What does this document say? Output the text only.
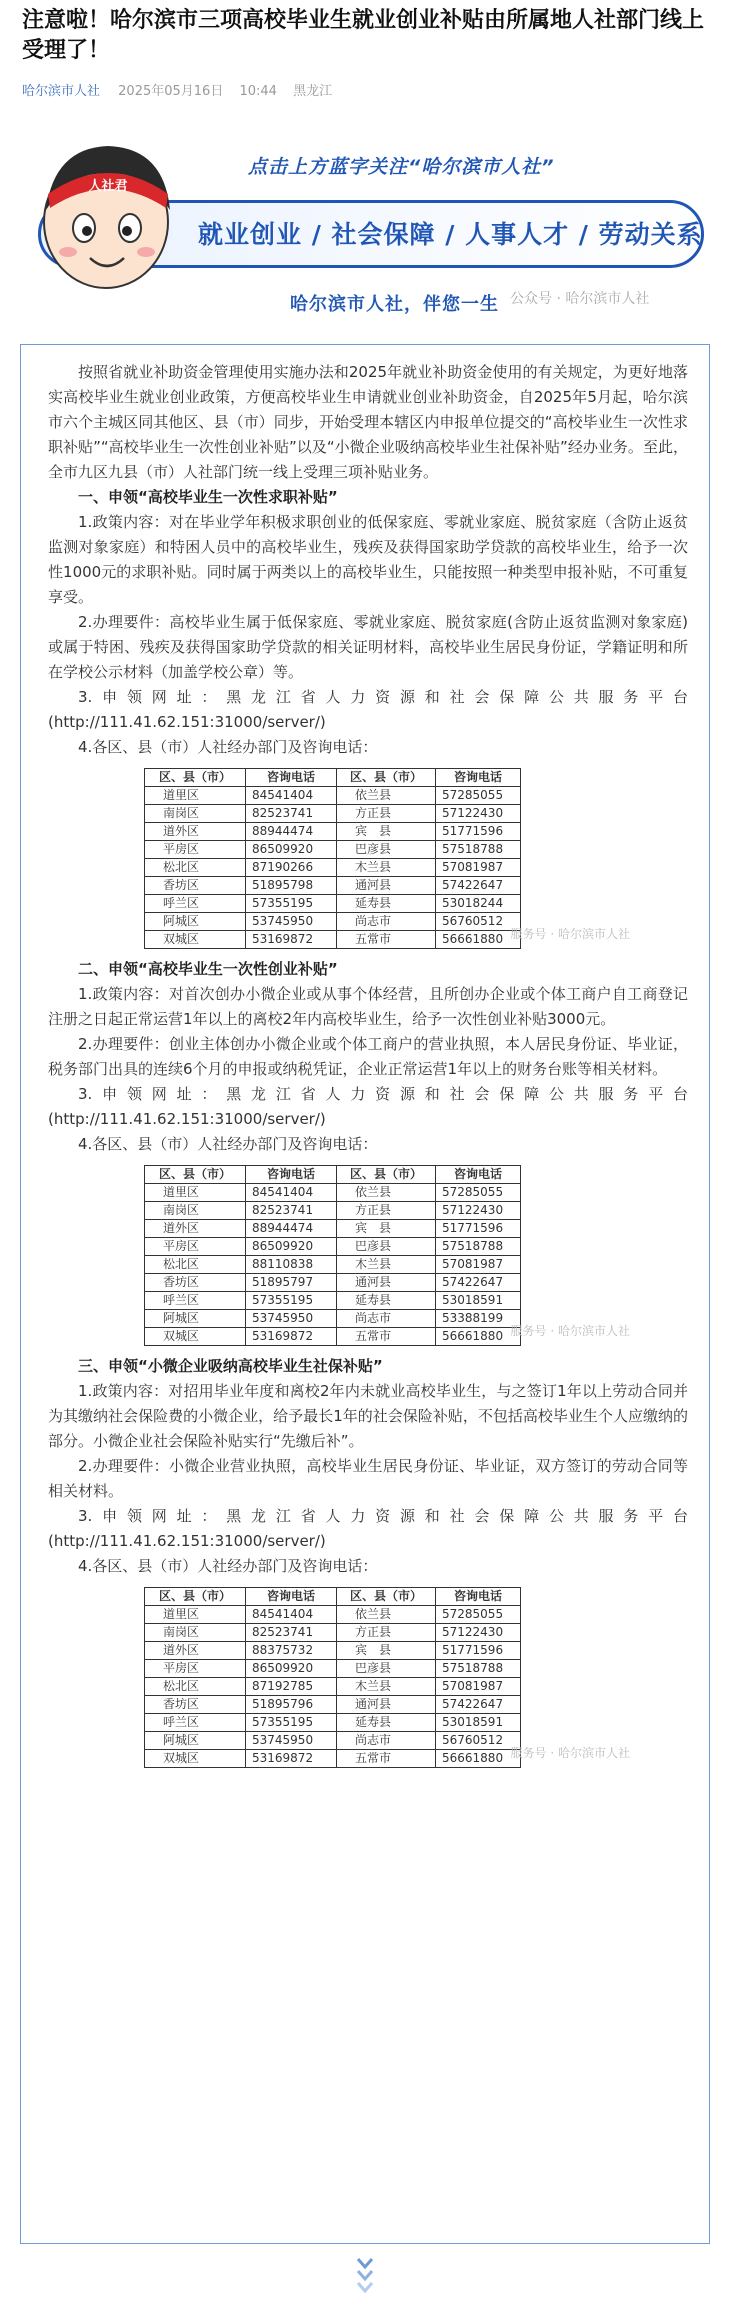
注意啦！哈尔滨市三项高校毕业生就业创业补贴由所属地人社部门线上受理了！
哈尔滨市人社 2025年05月16日 10:44 黑龙江
人社君
点击上方蓝字关注“哈尔滨市人社”
就业创业 / 社会保障 / 人事人才 / 劳动关系
哈尔滨市人社，伴您一生 公众号 · 哈尔滨市人社

按照省就业补助资金管理使用实施办法和2025年就业补助资金使用的有关规定，为更好地落实高校毕业生就业创业政策，方便高校毕业生申请就业创业补助资金，自2025年5月起，哈尔滨市六个主城区同其他区、县（市）同步，开始受理本辖区内申报单位提交的“高校毕业生一次性求职补贴”“高校毕业生一次性创业补贴”以及“小微企业吸纳高校毕业生社保补贴”经办业务。至此，全市九区九县（市）人社部门统一线上受理三项补贴业务。

一、申领“高校毕业生一次性求职补贴”

1.政策内容：对在毕业学年积极求职创业的低保家庭、零就业家庭、脱贫家庭（含防止返贫监测对象家庭）和特困人员中的高校毕业生，残疾及获得国家助学贷款的高校毕业生，给予一次性1000元的求职补贴。同时属于两类以上的高校毕业生，只能按照一种类型申报补贴，不可重复享受。

2.办理要件：高校毕业生属于低保家庭、零就业家庭、脱贫家庭(含防止返贫监测对象家庭)或属于特困、残疾及获得国家助学贷款的相关证明材料，高校毕业生居民身份证，学籍证明和所在学校公示材料（加盖学校公章）等。

3.申领网址：黑龙江省人力资源和社会保障公共服务平台(http://111.41.62.151:31000/server/)

4.各区、县（市）人社经办部门及咨询电话：

区、县（市）	咨询电话	区、县（市）	咨询电话
道里区	84541404	依兰县	57285055
南岗区	82523741	方正县	57122430
道外区	88944474	宾　县	51771596
平房区	86509920	巴彦县	57518788
松北区	87190266	木兰县	57081987
香坊区	51895798	通河县	57422647
呼兰区	57355195	延寿县	53018244
阿城区	53745950	尚志市	56760512
双城区	53169872	五常市	56661880 服务号 · 哈尔滨市人社

二、申领“高校毕业生一次性创业补贴”

1.政策内容：对首次创办小微企业或从事个体经营，且所创办企业或个体工商户自工商登记注册之日起正常运营1年以上的离校2年内高校毕业生，给予一次性创业补贴3000元。

2.办理要件：创业主体创办小微企业或个体工商户的营业执照，本人居民身份证、毕业证，税务部门出具的连续6个月的申报或纳税凭证，企业正常运营1年以上的财务台账等相关材料。

3.申领网址：黑龙江省人力资源和社会保障公共服务平台(http://111.41.62.151:31000/server/)

4.各区、县（市）人社经办部门及咨询电话：

区、县（市）	咨询电话	区、县（市）	咨询电话
道里区	84541404	依兰县	57285055
南岗区	82523741	方正县	57122430
道外区	88944474	宾　县	51771596
平房区	86509920	巴彦县	57518788
松北区	88110838	木兰县	57081987
香坊区	51895797	通河县	57422647
呼兰区	57355195	延寿县	53018591
阿城区	53745950	尚志市	53388199
双城区	53169872	五常市	56661880 服务号 · 哈尔滨市人社

三、申领“小微企业吸纳高校毕业生社保补贴”

1.政策内容：对招用毕业年度和离校2年内未就业高校毕业生，与之签订1年以上劳动合同并为其缴纳社会保险费的小微企业，给予最长1年的社会保险补贴，不包括高校毕业生个人应缴纳的部分。小微企业社会保险补贴实行“先缴后补”。

2.办理要件：小微企业营业执照，高校毕业生居民身份证、毕业证，双方签订的劳动合同等相关材料。

3.申领网址：黑龙江省人力资源和社会保障公共服务平台(http://111.41.62.151:31000/server/)

4.各区、县（市）人社经办部门及咨询电话：

区、县（市）	咨询电话	区、县（市）	咨询电话
道里区	84541404	依兰县	57285055
南岗区	82523741	方正县	57122430
道外区	88375732	宾　县	51771596
平房区	86509920	巴彦县	57518788
松北区	87192785	木兰县	57081987
香坊区	51895796	通河县	57422647
呼兰区	57355195	延寿县	53018591
阿城区	53745950	尚志市	56760512
双城区	53169872	五常市	56661880 服务号 · 哈尔滨市人社
